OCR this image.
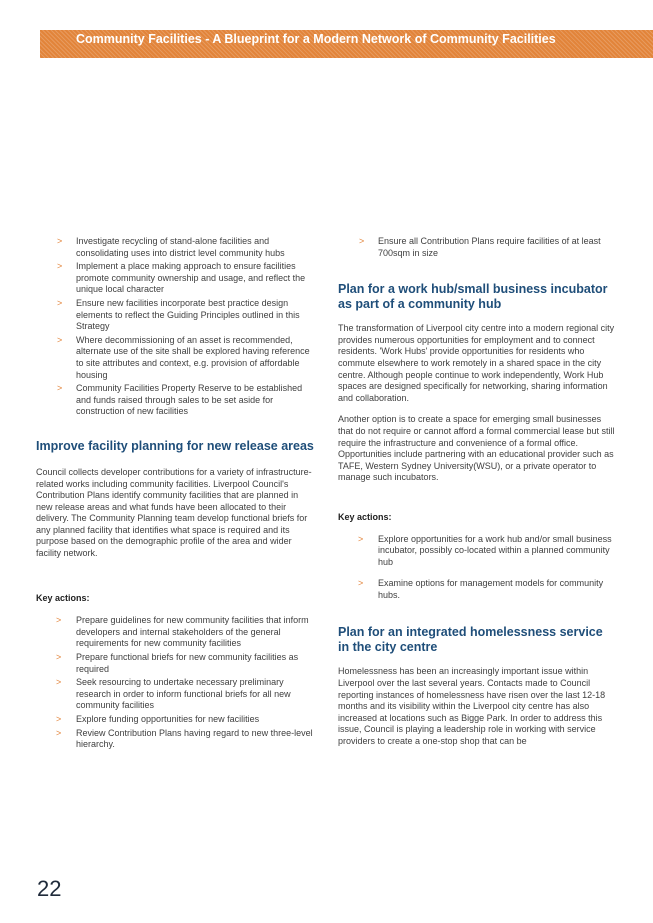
Community Facilities - A Blueprint for a Modern Network of Community Facilities
> Investigate recycling of stand-alone facilities and consolidating uses into district level community hubs
> Implement a place making approach to ensure facilities promote community ownership and usage, and reflect the unique local character
> Ensure new facilities incorporate best practice design elements to reflect the Guiding Principles outlined in this Strategy
> Where decommissioning of an asset is recommended, alternate use of the site shall be explored having reference to site attributes and context, e.g. provision of affordable housing
> Community Facilities Property Reserve to be established and funds raised through sales to be set aside for construction of new facilities
Improve facility planning for new release areas

Council collects developer contributions for a variety of infrastructure-related works including community facilities. Liverpool Council's Contribution Plans identify community facilities that are planned in new release areas and what funds have been allocated to their delivery. The Community Planning team develop functional briefs for any planned facility that identifies what space is required and its purpose based on the demographic profile of the area and wider facility network.

Key actions:
> Prepare guidelines for new community facilities that inform developers and internal stakeholders of the general requirements for new community facilities
> Prepare functional briefs for new community facilities as required
> Seek resourcing to undertake necessary preliminary research in order to inform functional briefs for all new community facilities
> Explore funding opportunities for new facilities
> Review Contribution Plans having regard to new three-level hierarchy.
> Ensure all Contribution Plans require facilities of at least 700sqm in size
Plan for a work hub/small business incubator as part of a community hub

The transformation of Liverpool city centre into a modern regional city provides numerous opportunities for employment and to connect residents. 'Work Hubs' provide opportunities for residents who commute elsewhere to work remotely in a shared space in the city centre. Although people continue to work independently, Work Hub spaces are designed specifically for networking, sharing information and collaboration.

Another option is to create a space for emerging small businesses that do not require or cannot afford a formal commercial lease but still require the infrastructure and convenience of a formal office. Opportunities include partnering with an educational provider such as TAFE, Western Sydney University(WSU), or a private operator to manage such incubators.

Key actions:
> Explore opportunities for a work hub and/or small business incubator, possibly co-located within a planned community hub
> Examine options for management models for community hubs.
Plan for an integrated homelessness service in the city centre

Homelessness has been an increasingly important issue within Liverpool over the last several years. Contacts made to Council reporting instances of homelessness have risen over the last 12-18 months and its visibility within the Liverpool city centre has also increased at locations such as Bigge Park. In order to address this issue, Council is playing a leadership role in working with service providers to create a one-stop shop that can be

22
